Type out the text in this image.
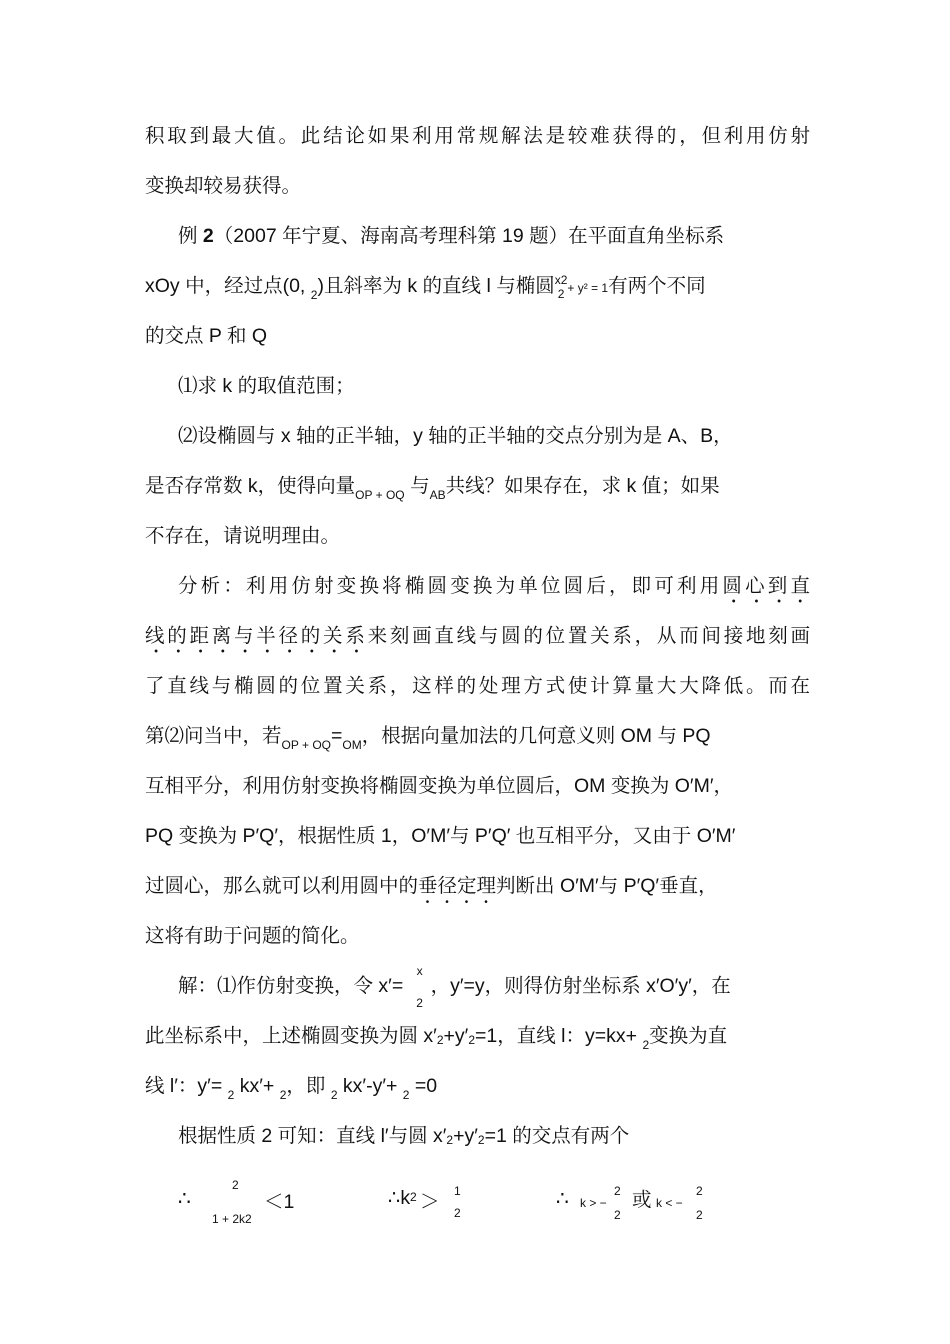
积取到最大值。此结论如果利用常规解法是较难获得的，但利用仿射
变换却较易获得。
例 2（2007 年宁夏、海南高考理科第 19 题）在平面直角坐标系
xOy 中，经过点(0, $_2$)且斜率为 k 的直线 l 与椭圆 x2
2 + y² = 1有两个不同
的交点 P 和 Q
⑴求 k 的取值范围；
⑵设椭圆与 x 轴的正半轴，y 轴的正半轴的交点分别为是 A、B，
是否存常数 k，使得向量$_{OP + OQ}$ 与$_{AB}$共线？如果存在，求 k 值；如果
不存在，请说明理由。
分析：利用仿射变换将椭圆变换为单位圆后，即可利用圆心到直
线的距离与半径的关系来刻画直线与圆的位置关系，从而间接地刻画
了直线与椭圆的位置关系，这样的处理方式使计算量大大降低。而在
第⑵问当中，若$_{OP + OQ}=_{OM}$，根据向量加法的几何意义则 OM 与 PQ
互相平分，利用仿射变换将椭圆变换为单位圆后，OM 变换为 O′M′，
PQ 变换为 P′Q′，根据性质 1，O′M′与 P′Q′ 也互相平分，又由于 O′M′
过圆心，那么就可以利用圆中的垂径定理判断出 O′M′与 P′Q′垂直，
这将有助于问题的简化。
解：⑴作仿射变换，令 x′=
x
2
，y′=y，则得仿射坐标系 x′O′y′，在
此坐标系中，上述椭圆变换为圆 x′2+y′2=1，直线 l：y=kx+ $_2$变换为直
线 l′：y′= $_2$ kx′+ $_2$，即 $_2$ kx′-y′+ $_2$ =0
根据性质 2 可知：直线 l′与圆 x′2+y′2=1 的交点有两个
∴
2
1 + 2k2
＜1	∴k 2 ＞ 1
2
∴ k > −
2
2
或 k < −
2
2
